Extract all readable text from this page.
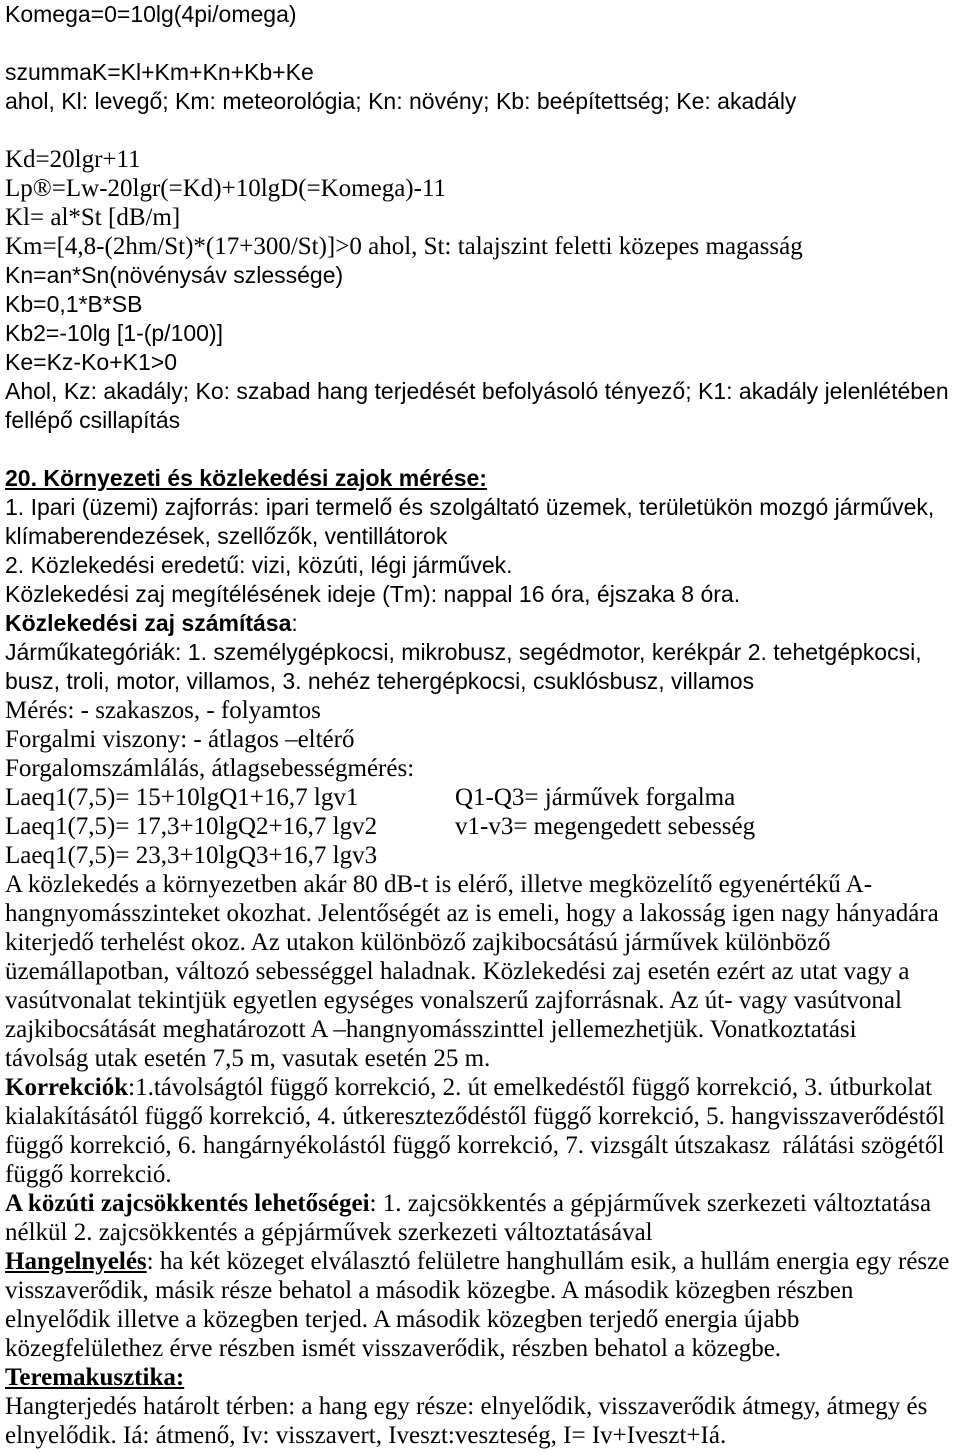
Komega=0=10lg(4pi/omega)
szummaK=Kl+Km+Kn+Kb+Ke
ahol, Kl: levegő; Km: meteorológia; Kn: növény; Kb: beépítettség; Ke: akadály
Kd=20lgr+11
Lp®=Lw-20lgr(=Kd)+10lgD(=Komega)-11
Kl= al*St [dB/m]
Km=[4,8-(2hm/St)*(17+300/St)]>0 ahol, St: talajszint feletti közepes magasság
Kn=an*Sn(növénysáv szlessége)
Kb=0,1*B*SB
Kb2=-10lg [1-(p/100)]
Ke=Kz-Ko+K1>0
Ahol, Kz: akadály; Ko: szabad hang terjedését befolyásoló tényező; K1: akadály jelenlétében
fellépő csillapítás
20. Környezeti és közlekedési zajok mérése:
1. Ipari (üzemi) zajforrás: ipari termelő és szolgáltató üzemek, területükön mozgó járművek,
klímaberendezések, szellőzők, ventillátorok
2. Közlekedési eredetű: vizi, közúti, légi járművek.
Közlekedési zaj megítélésének ideje (Tm): nappal 16 óra, éjszaka 8 óra.
Közlekedési zaj számítása:
Járműkategóriák: 1. személygépkocsi, mikrobusz, segédmotor, kerékpár 2. tehetgépkocsi,
busz, troli, motor, villamos, 3. nehéz tehergépkocsi, csuklósbusz, villamos
Mérés: - szakaszos, - folyamtos
Forgalmi viszony: - átlagos –eltérő
Forgalomszámlálás, átlagsebességmérés:
Laeq1(7,5)= 15+10lgQ1+16,7 lgv1	Q1-Q3= járművek forgalma
Laeq1(7,5)= 17,3+10lgQ2+16,7 lgv2	v1-v3= megengedett sebesség
Laeq1(7,5)= 23,3+10lgQ3+16,7 lgv3
A közlekedés a környezetben akár 80 dB-t is elérő, illetve megközelítő egyenértékű A-
hangnyomásszinteket okozhat. Jelentőségét az is emeli, hogy a lakosság igen nagy hányadára
kiterjedő terhelést okoz. Az utakon különböző zajkibocsátású járművek különböző
üzemállapotban, változó sebességgel haladnak. Közlekedési zaj esetén ezért az utat vagy a
vasútvonalat tekintjük egyetlen egységes vonalszerű zajforrásnak. Az út- vagy vasútvonal
zajkibocsátását meghatározott A –hangnyomásszinttel jellemezhetjük. Vonatkoztatási
távolság utak esetén 7,5 m, vasutak esetén 25 m.
Korrekciók:1.távolságtól függő korrekció, 2. út emelkedéstől függő korrekció, 3. útburkolat
kialakításától függő korrekció, 4. útkereszteződéstől függő korrekció, 5. hangvisszaverődéstől
függő korrekció, 6. hangárnyékolástól függő korrekció, 7. vizsgált útszakasz  rálátási szögétől
függő korrekció.
A közúti zajcsökkentés lehetőségei: 1. zajcsökkentés a gépjárművek szerkezeti változtatása
nélkül 2. zajcsökkentés a gépjárművek szerkezeti változtatásával
Hangelnyelés: ha két közeget elválasztó felületre hanghullám esik, a hullám energia egy része
visszaverődik, másik része behatol a második közegbe. A második közegben részben
elnyelődik illetve a közegben terjed. A második közegben terjedő energia újabb
közegfelülethez érve részben ismét visszaverődik, részben behatol a közegbe.
Teremakusztika:
Hangterjedés határolt térben: a hang egy része: elnyelődik, visszaverődik átmegy, átmegy és
elnyelődik. Iá: átmenő, Iv: visszavert, Iveszt:veszteség, I= Iv+Iveszt+Iá.
